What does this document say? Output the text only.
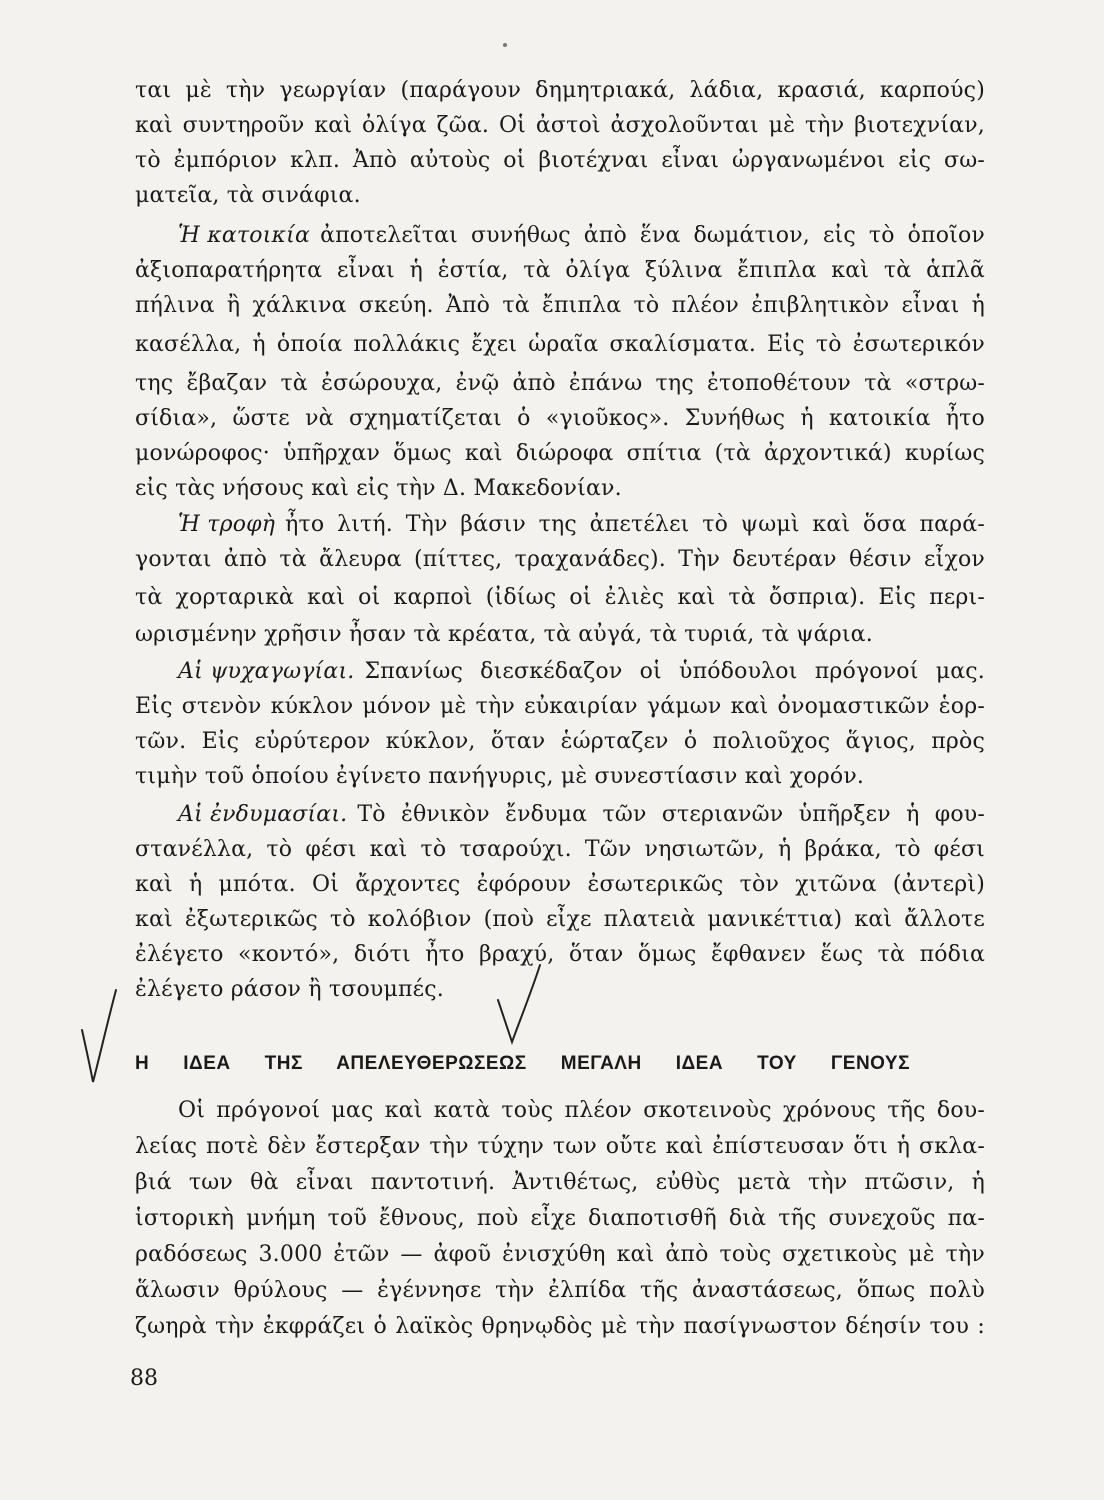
ται μὲ τὴν γεωργίαν (παράγουν δημητριακά, λάδια, κρασιά, καρπούς)
καὶ συντηροῦν καὶ ὀλίγα ζῶα. Οἱ ἀστοὶ ἀσχολοῦνται μὲ τὴν βιοτεχνίαν,
τὸ ἐμπόριον κλπ. Ἀπὸ αὐτοὺς οἱ βιοτέχναι εἶναι ὠργανωμένοι εἰς σω-
ματεῖα, τὰ σινάφια.
Ἡ κατοικία ἀποτελεῖται συνήθως ἀπὸ ἕνα δωμάτιον, εἰς τὸ ὁποῖον
ἀξιοπαρατήρητα εἶναι ἡ ἑστία, τὰ ὀλίγα ξύλινα ἔπιπλα καὶ τὰ ἁπλᾶ
πήλινα ἢ χάλκινα σκεύη. Ἀπὸ τὰ ἔπιπλα τὸ πλέον ἐπιβλητικὸν εἶναι ἡ
κασέλλα, ἡ ὁποία πολλάκις ἔχει ὡραῖα σκαλίσματα. Εἰς τὸ ἐσωτερικόν
της ἔβαζαν τὰ ἐσώρουχα, ἐνῷ ἀπὸ ἐπάνω της ἐτοποθέτουν τὰ «στρω-
σίδια», ὥστε νὰ σχηματίζεται ὁ «γιοῦκος». Συνήθως ἡ κατοικία ἦτο
μονώροφος· ὑπῆρχαν ὅμως καὶ διώροφα σπίτια (τὰ ἀρχοντικά) κυρίως
εἰς τὰς νήσους καὶ εἰς τὴν Δ. Μακεδονίαν.
Ἡ τροφὴ ἦτο λιτή. Τὴν βάσιν της ἀπετέλει τὸ ψωμὶ καὶ ὅσα παρά-
γονται ἀπὸ τὰ ἄλευρα (πίττες, τραχανάδες). Τὴν δευτέραν θέσιν εἶχον
τὰ χορταρικὰ καὶ οἱ καρποὶ (ἰδίως οἱ ἐλιὲς καὶ τὰ ὄσπρια). Εἰς περι-
ωρισμένην χρῆσιν ἦσαν τὰ κρέατα, τὰ αὐγά, τὰ τυριά, τὰ ψάρια.
Αἱ ψυχαγωγίαι. Σπανίως διεσκέδαζον οἱ ὑπόδουλοι πρόγονοί μας.
Εἰς στενὸν κύκλον μόνον μὲ τὴν εὐκαιρίαν γάμων καὶ ὀνομαστικῶν ἑορ-
τῶν. Εἰς εὐρύτερον κύκλον, ὅταν ἑώρταζεν ὁ πολιοῦχος ἅγιος, πρὸς
τιμὴν τοῦ ὁποίου ἐγίνετο πανήγυρις, μὲ συνεστίασιν καὶ χορόν.
Αἱ ἐνδυμασίαι. Τὸ ἐθνικὸν ἔνδυμα τῶν στεριανῶν ὑπῆρξεν ἡ φου-
στανέλλα, τὸ φέσι καὶ τὸ τσαρούχι. Τῶν νησιωτῶν, ἡ βράκα, τὸ φέσι
καὶ ἡ μπότα. Οἱ ἄρχοντες ἐφόρουν ἐσωτερικῶς τὸν χιτῶνα (ἀντερὶ)
καὶ ἐξωτερικῶς τὸ κολόβιον (ποὺ εἶχε πλατειὰ μανικέττια) καὶ ἄλλοτε
ἐλέγετο «κοντό», διότι ἦτο βραχύ, ὅταν ὅμως ἔφθανεν ἕως τὰ πόδια
ἐλέγετο ράσον ἢ τσουμπές.
Η ΙΔΕΑ ΤΗΣ ΑΠΕΛΕΥΘΕΡΩΣΕΩΣ ΜΕΓΑΛΗ ΙΔΕΑ ΤΟΥ ΓΕΝΟΥΣ
Οἱ πρόγονοί μας καὶ κατὰ τοὺς πλέον σκοτεινοὺς χρόνους τῆς δου-
λείας ποτὲ δὲν ἔστερξαν τὴν τύχην των οὔτε καὶ ἐπίστευσαν ὅτι ἡ σκλα-
βιά των θὰ εἶναι παντοτινή. Ἀντιθέτως, εὐθὺς μετὰ τὴν πτῶσιν, ἡ
ἱστορικὴ μνήμη τοῦ ἔθνους, ποὺ εἶχε διαποτισθῆ διὰ τῆς συνεχοῦς πα-
ραδόσεως 3.000 ἐτῶν — ἀφοῦ ἐνισχύθη καὶ ἀπὸ τοὺς σχετικοὺς μὲ τὴν
ἅλωσιν θρύλους — ἐγέννησε τὴν ἐλπίδα τῆς ἀναστάσεως, ὅπως πολὺ
ζωηρὰ τὴν ἐκφράζει ὁ λαϊκὸς θρηνῳδὸς μὲ τὴν πασίγνωστον δέησίν του :
88
